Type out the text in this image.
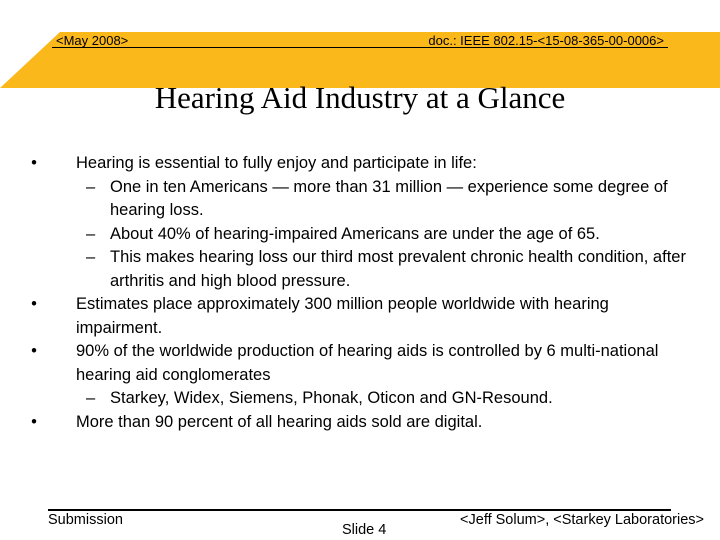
<May 2008>	doc.: IEEE 802.15-<15-08-365-00-0006>
Hearing Aid Industry at a Glance
• Hearing is essential to fully enjoy and participate in life:
– One in ten Americans — more than 31 million — experience some degree of hearing loss.
– About 40% of hearing-impaired Americans are under the age of 65.
– This makes hearing loss our third most prevalent chronic health condition, after arthritis and high blood pressure.
• Estimates place approximately 300 million people worldwide with hearing impairment.
• 90% of the worldwide production of hearing aids is controlled by 6 multi-national hearing aid conglomerates
– Starkey, Widex, Siemens, Phonak, Oticon and GN-Resound.
• More than 90 percent of all hearing aids sold are digital.
Submission
Slide 4
<Jeff Solum>, <Starkey Laboratories>
